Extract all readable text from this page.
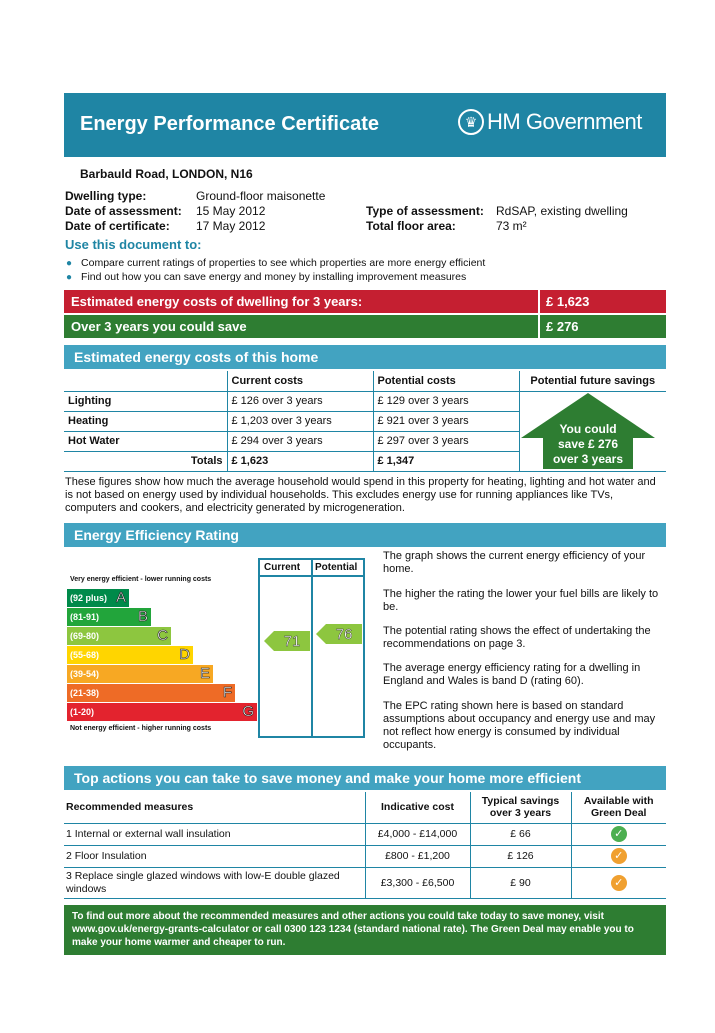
Energy Performance Certificate	♛ HM Government
Barbauld Road, LONDON, N16
Dwelling type:	Ground-floor maisonette
Date of assessment: 15 May 2012
Date of certificate: 17 May 2012
Type of assessment: RdSAP, existing dwelling
Total floor area:	73 m²
Use this document to:
● Compare current ratings of properties to see which properties are more energy efficient
● Find out how you can save energy and money by installing improvement measures
Estimated energy costs of dwelling for 3 years:	£ 1,623
Over 3 years you could save	£ 276
Estimated energy costs of this home
	Current costs	Potential costs	Potential future savings
Lighting	£ 126 over 3 years	£ 129 over 3 years	
Heating	£ 1,203 over 3 years	£ 921 over 3 years	
Hot Water	£ 294 over 3 years	£ 297 over 3 years	
Totals	£ 1,623	£ 1,347	
You could
save £ 276
over 3 years
These figures show how much the average household would spend in this property for heating, lighting and hot water and is not based on energy used by individual households. This excludes energy use for running appliances like TVs, computers and cookers, and electricity generated by microgeneration.
Energy Efficiency Rating
Current Potential
Very energy efficient - lower running costs
Not energy efficient - higher running costs
(92 plus) A
(81-91)	B
(69-80)	C
(55-68)	D
(39-54)	E
(21-38)	F
(1-20)	G
71 76
The graph shows the current energy efficiency of your home.
The higher the rating the lower your fuel bills are likely to be.
The potential rating shows the effect of undertaking the recommendations on page 3.
The average energy efficiency rating for a dwelling in England and Wales is band D (rating 60).
The EPC rating shown here is based on standard assumptions about occupancy and energy use and may not reflect how energy is consumed by individual occupants.
Top actions you can take to save money and make your home more efficient
Recommended measures	Indicative cost	Typical savings over 3 years	Available with Green Deal
1 Internal or external wall insulation	£4,000 - £14,000	£ 66	✓
2 Floor Insulation	£800 - £1,200	£ 126	✓
3 Replace single glazed windows with low-E double glazed windows	£3,300 - £6,500	£ 90	✓
To find out more about the recommended measures and other actions you could take today to save money, visit www.gov.uk/energy-grants-calculator or call 0300 123 1234 (standard national rate). The Green Deal may enable you to make your home warmer and cheaper to run.
